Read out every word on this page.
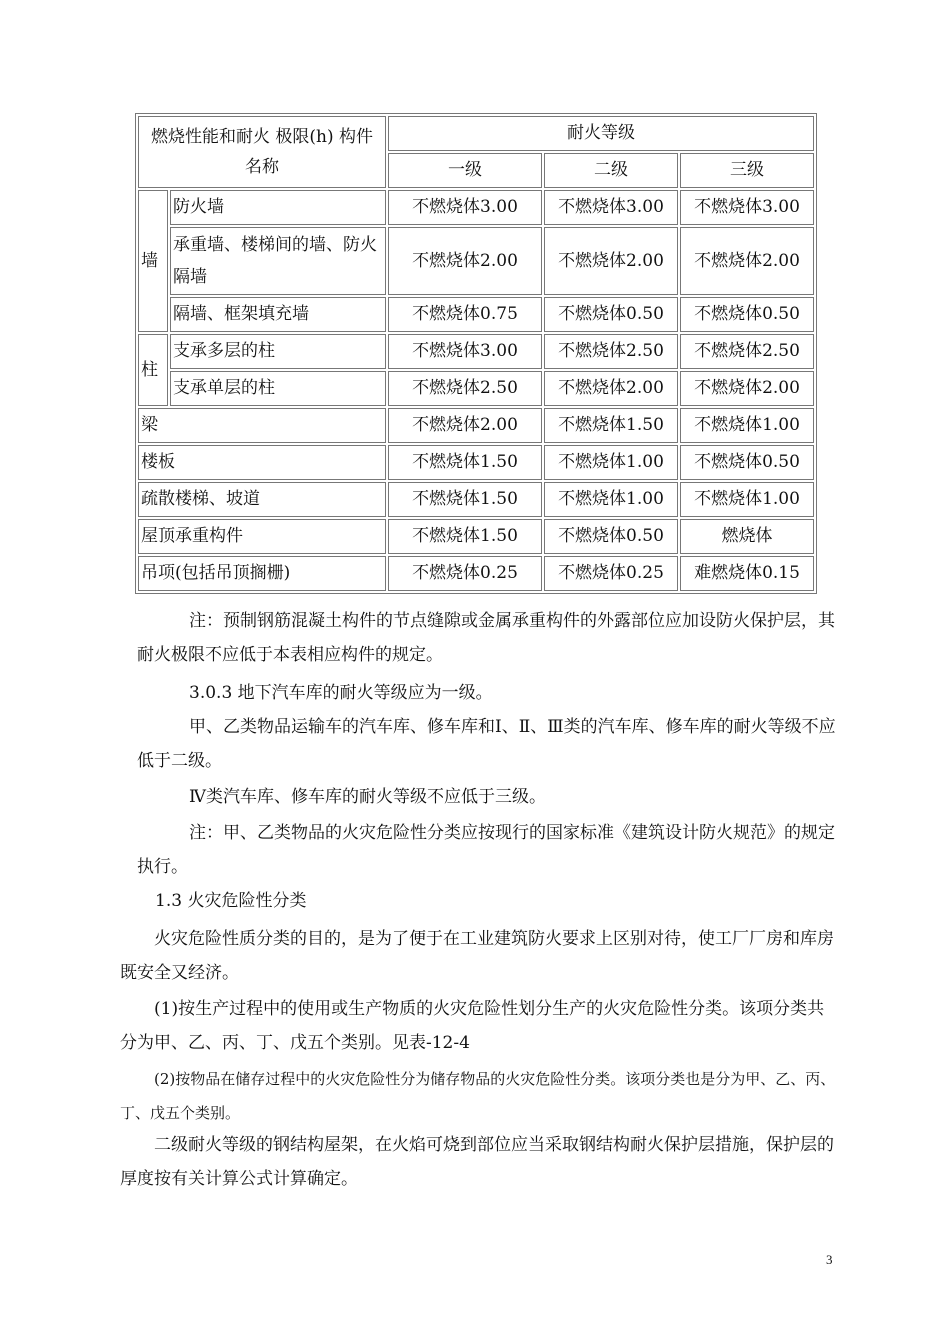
燃烧性能和耐火 极限(h) 构件名称		耐火等级		
		一级	二级	三级
墙	防火墙	不燃烧体3.00	不燃烧体3.00	不燃烧体3.00
	承重墙、楼梯间的墙、防火隔墙	不燃烧体2.00	不燃烧体2.00	不燃烧体2.00
	隔墙、框架填充墙	不燃烧体0.75	不燃烧体0.50	不燃烧体0.50
柱	支承多层的柱	不燃烧体3.00	不燃烧体2.50	不燃烧体2.50
	支承单层的柱	不燃烧体2.50	不燃烧体2.00	不燃烧体2.00
梁		不燃烧体2.00	不燃烧体1.50	不燃烧体1.00
楼板		不燃烧体1.50	不燃烧体1.00	不燃烧体0.50
疏散楼梯、坡道		不燃烧体1.50	不燃烧体1.00	不燃烧体1.00
屋顶承重构件		不燃烧体1.50	不燃烧体0.50	燃烧体
吊项(包括吊顶搁栅)		不燃烧体0.25	不燃烧体0.25	难燃烧体0.15

注：预制钢筋混凝土构件的节点缝隙或金属承重构件的外露部位应加设防火保护层，其耐火极限不应低于本表相应构件的规定。

3.0.3 地下汽车库的耐火等级应为一级。

甲、乙类物品运输车的汽车库、修车库和Ⅰ、Ⅱ、Ⅲ类的汽车库、修车库的耐火等级不应低于二级。

Ⅳ类汽车库、修车库的耐火等级不应低于三级。

注：甲、乙类物品的火灾危险性分类应按现行的国家标准《建筑设计防火规范》的规定执行。

1.3 火灾危险性分类

火灾危险性质分类的目的，是为了便于在工业建筑防火要求上区别对待，使工厂厂房和库房既安全又经济。

(1)按生产过程中的使用或生产物质的火灾危险性划分生产的火灾危险性分类。该项分类共分为甲、乙、丙、丁、戊五个类别。见表-12-4

(2)按物品在储存过程中的火灾危险性分为储存物品的火灾危险性分类。该项分类也是分为甲、乙、丙、丁、戊五个类别。

二级耐火等级的钢结构屋架，在火焰可烧到部位应当采取钢结构耐火保护层措施，保护层的厚度按有关计算公式计算确定。

3
